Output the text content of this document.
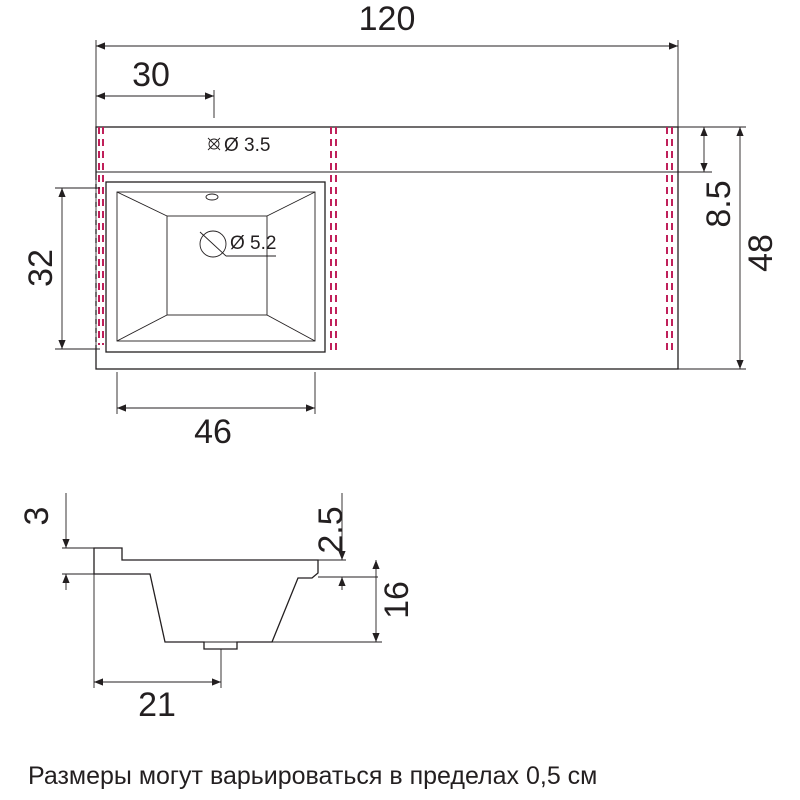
Ø 3.5
Ø 5.2
120
30
32
46
8.5
48
3	2.5
16
21
Размеры могут варьироваться в пределах 0,5 см
